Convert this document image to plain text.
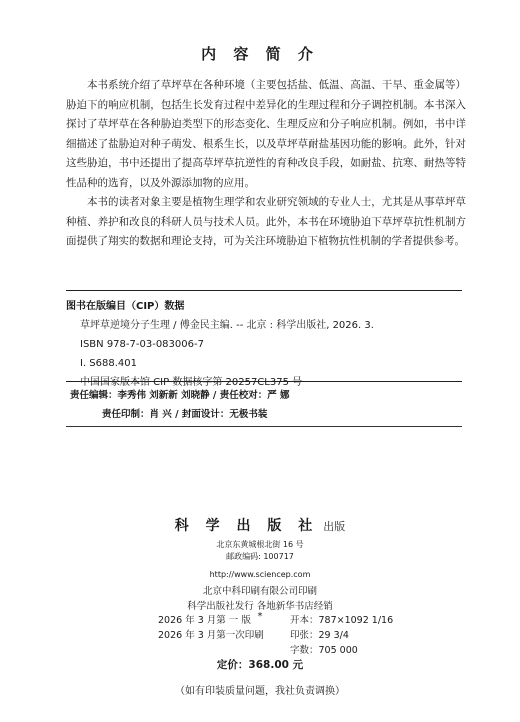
内 容 简 介

本书系统介绍了草坪草在各种环境（主要包括盐、低温、高温、干旱、重金属等）胁迫下的响应机制，包括生长发育过程中差异化的生理过程和分子调控机制。本书深入探讨了草坪草在各种胁迫类型下的形态变化、生理反应和分子响应机制。例如，书中详细描述了盐胁迫对种子萌发、根系生长，以及草坪草耐盐基因功能的影响。此外，针对这些胁迫，书中还提出了提高草坪草抗逆性的育种改良手段，如耐盐、抗寒、耐热等特性品种的选育，以及外源添加物的应用。

本书的读者对象主要是植物生理学和农业研究领域的专业人士，尤其是从事草坪草种植、养护和改良的科研人员与技术人员。此外，本书在环境胁迫下草坪草抗性机制方面提供了翔实的数据和理论支持，可为关注环境胁迫下植物抗性机制的学者提供参考。

图书在版编目（CIP）数据
草坪草逆境分子生理 / 傅金民主编. -- 北京 : 科学出版社, 2026. 3.
ISBN 978-7-03-083006-7
Ⅰ. S688.401
中国国家版本馆 CIP 数据核字第 20257CL375 号
责任编辑：李秀伟 刘新新 刘晓静 / 责任校对：严 娜
责任印制：肖 兴 / 封面设计：无极书装
科 学 出 版 社 出版
北京东黄城根北街 16 号
邮政编码: 100717
http://www.sciencep.com
北京中科印刷有限公司印刷
科学出版社发行 各地新华书店经销
*
2026 年 3 月第 一 版	开本：787×1092 1/16
2026 年 3 月第一次印刷	印张：29 3/4
字数：705 000
定价：368.00 元
（如有印装质量问题，我社负责调换）
